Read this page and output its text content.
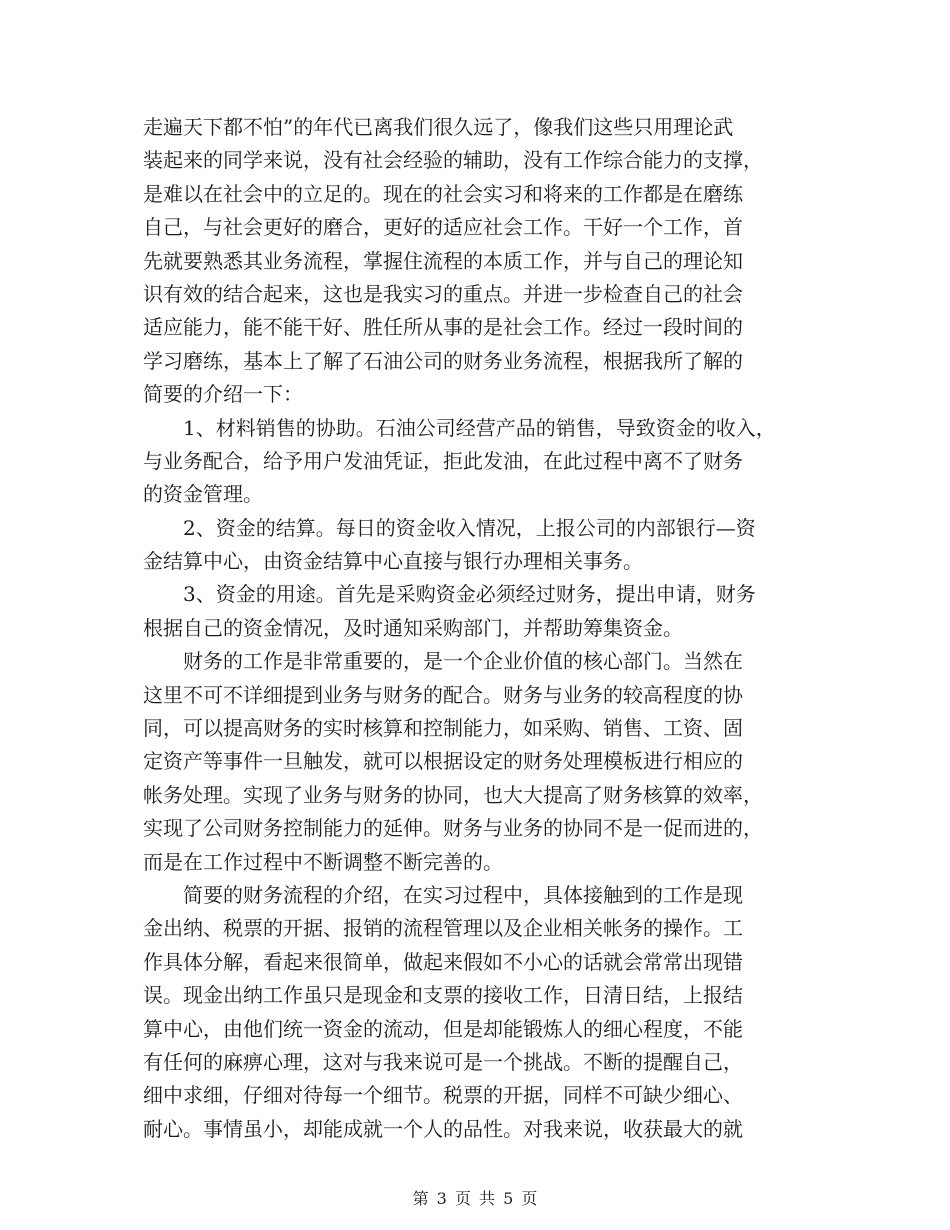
走遍天下都不怕”的年代已离我们很久远了，像我们这些只用理论武
装起来的同学来说，没有社会经验的辅助，没有工作综合能力的支撑，
是难以在社会中的立足的。现在的社会实习和将来的工作都是在磨练
自己，与社会更好的磨合，更好的适应社会工作。干好一个工作，首
先就要熟悉其业务流程，掌握住流程的本质工作，并与自己的理论知
识有效的结合起来，这也是我实习的重点。并进一步检查自己的社会
适应能力，能不能干好、胜任所从事的是社会工作。经过一段时间的
学习磨练，基本上了解了石油公司的财务业务流程，根据我所了解的
简要的介绍一下：
　　1、材料销售的协助。石油公司经营产品的销售，导致资金的收入，
与业务配合，给予用户发油凭证，拒此发油，在此过程中离不了财务
的资金管理。
　　2、资金的结算。每日的资金收入情况，上报公司的内部银行—资
金结算中心，由资金结算中心直接与银行办理相关事务。
　　3、资金的用途。首先是采购资金必须经过财务，提出申请，财务
根据自己的资金情况，及时通知采购部门，并帮助筹集资金。
　　财务的工作是非常重要的，是一个企业价值的核心部门。当然在
这里不可不详细提到业务与财务的配合。财务与业务的较高程度的协
同，可以提高财务的实时核算和控制能力，如采购、销售、工资、固
定资产等事件一旦触发，就可以根据设定的财务处理模板进行相应的
帐务处理。实现了业务与财务的协同，也大大提高了财务核算的效率，
实现了公司财务控制能力的延伸。财务与业务的协同不是一促而进的，
而是在工作过程中不断调整不断完善的。
　　简要的财务流程的介绍，在实习过程中，具体接触到的工作是现
金出纳、税票的开据、报销的流程管理以及企业相关帐务的操作。工
作具体分解，看起来很简单，做起来假如不小心的话就会常常出现错
误。现金出纳工作虽只是现金和支票的接收工作，日清日结，上报结
算中心，由他们统一资金的流动，但是却能锻炼人的细心程度，不能
有任何的麻痹心理，这对与我来说可是一个挑战。不断的提醒自己，
细中求细，仔细对待每一个细节。税票的开据，同样不可缺少细心、
耐心。事情虽小，却能成就一个人的品性。对我来说，收获最大的就
第 3 页 共 5 页
